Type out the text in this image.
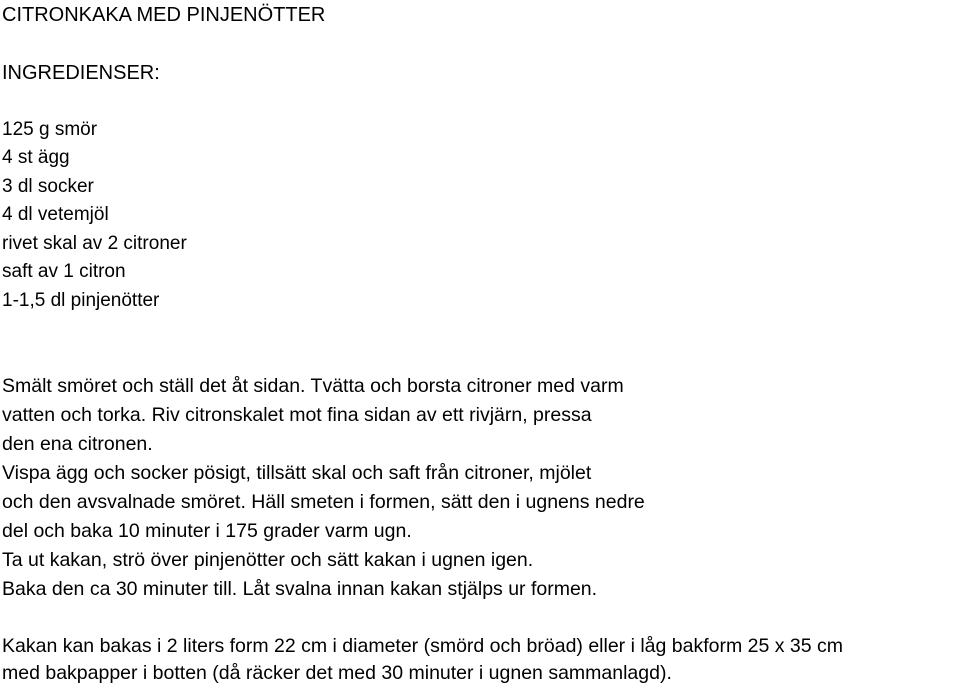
CITRONKAKA MED PINJENÖTTER
INGREDIENSER:

125 g smör

4 st ägg

3 dl socker

4 dl vetemjöl

rivet skal av 2 citroner

saft av 1 citron

1-1,5 dl pinjenötter

Smält smöret och ställ det åt sidan. Tvätta och borsta citroner med varm

vatten och torka. Riv citronskalet mot fina sidan av ett rivjärn, pressa

den ena citronen.

Vispa ägg och socker pösigt, tillsätt skal och saft från citroner, mjölet

och den avsvalnade smöret. Häll smeten i formen, sätt den i ugnens nedre

del och baka 10 minuter i 175 grader varm ugn.

Ta ut kakan, strö över pinjenötter och sätt kakan i ugnen igen.

Baka den ca 30 minuter till. Låt svalna innan kakan stjälps ur formen.

Kakan kan bakas i 2 liters form 22 cm i diameter (smörd och bröad) eller i låg bakform 25 x 35 cm

med bakpapper i botten (då räcker det med 30 minuter i ugnen sammanlagd).
